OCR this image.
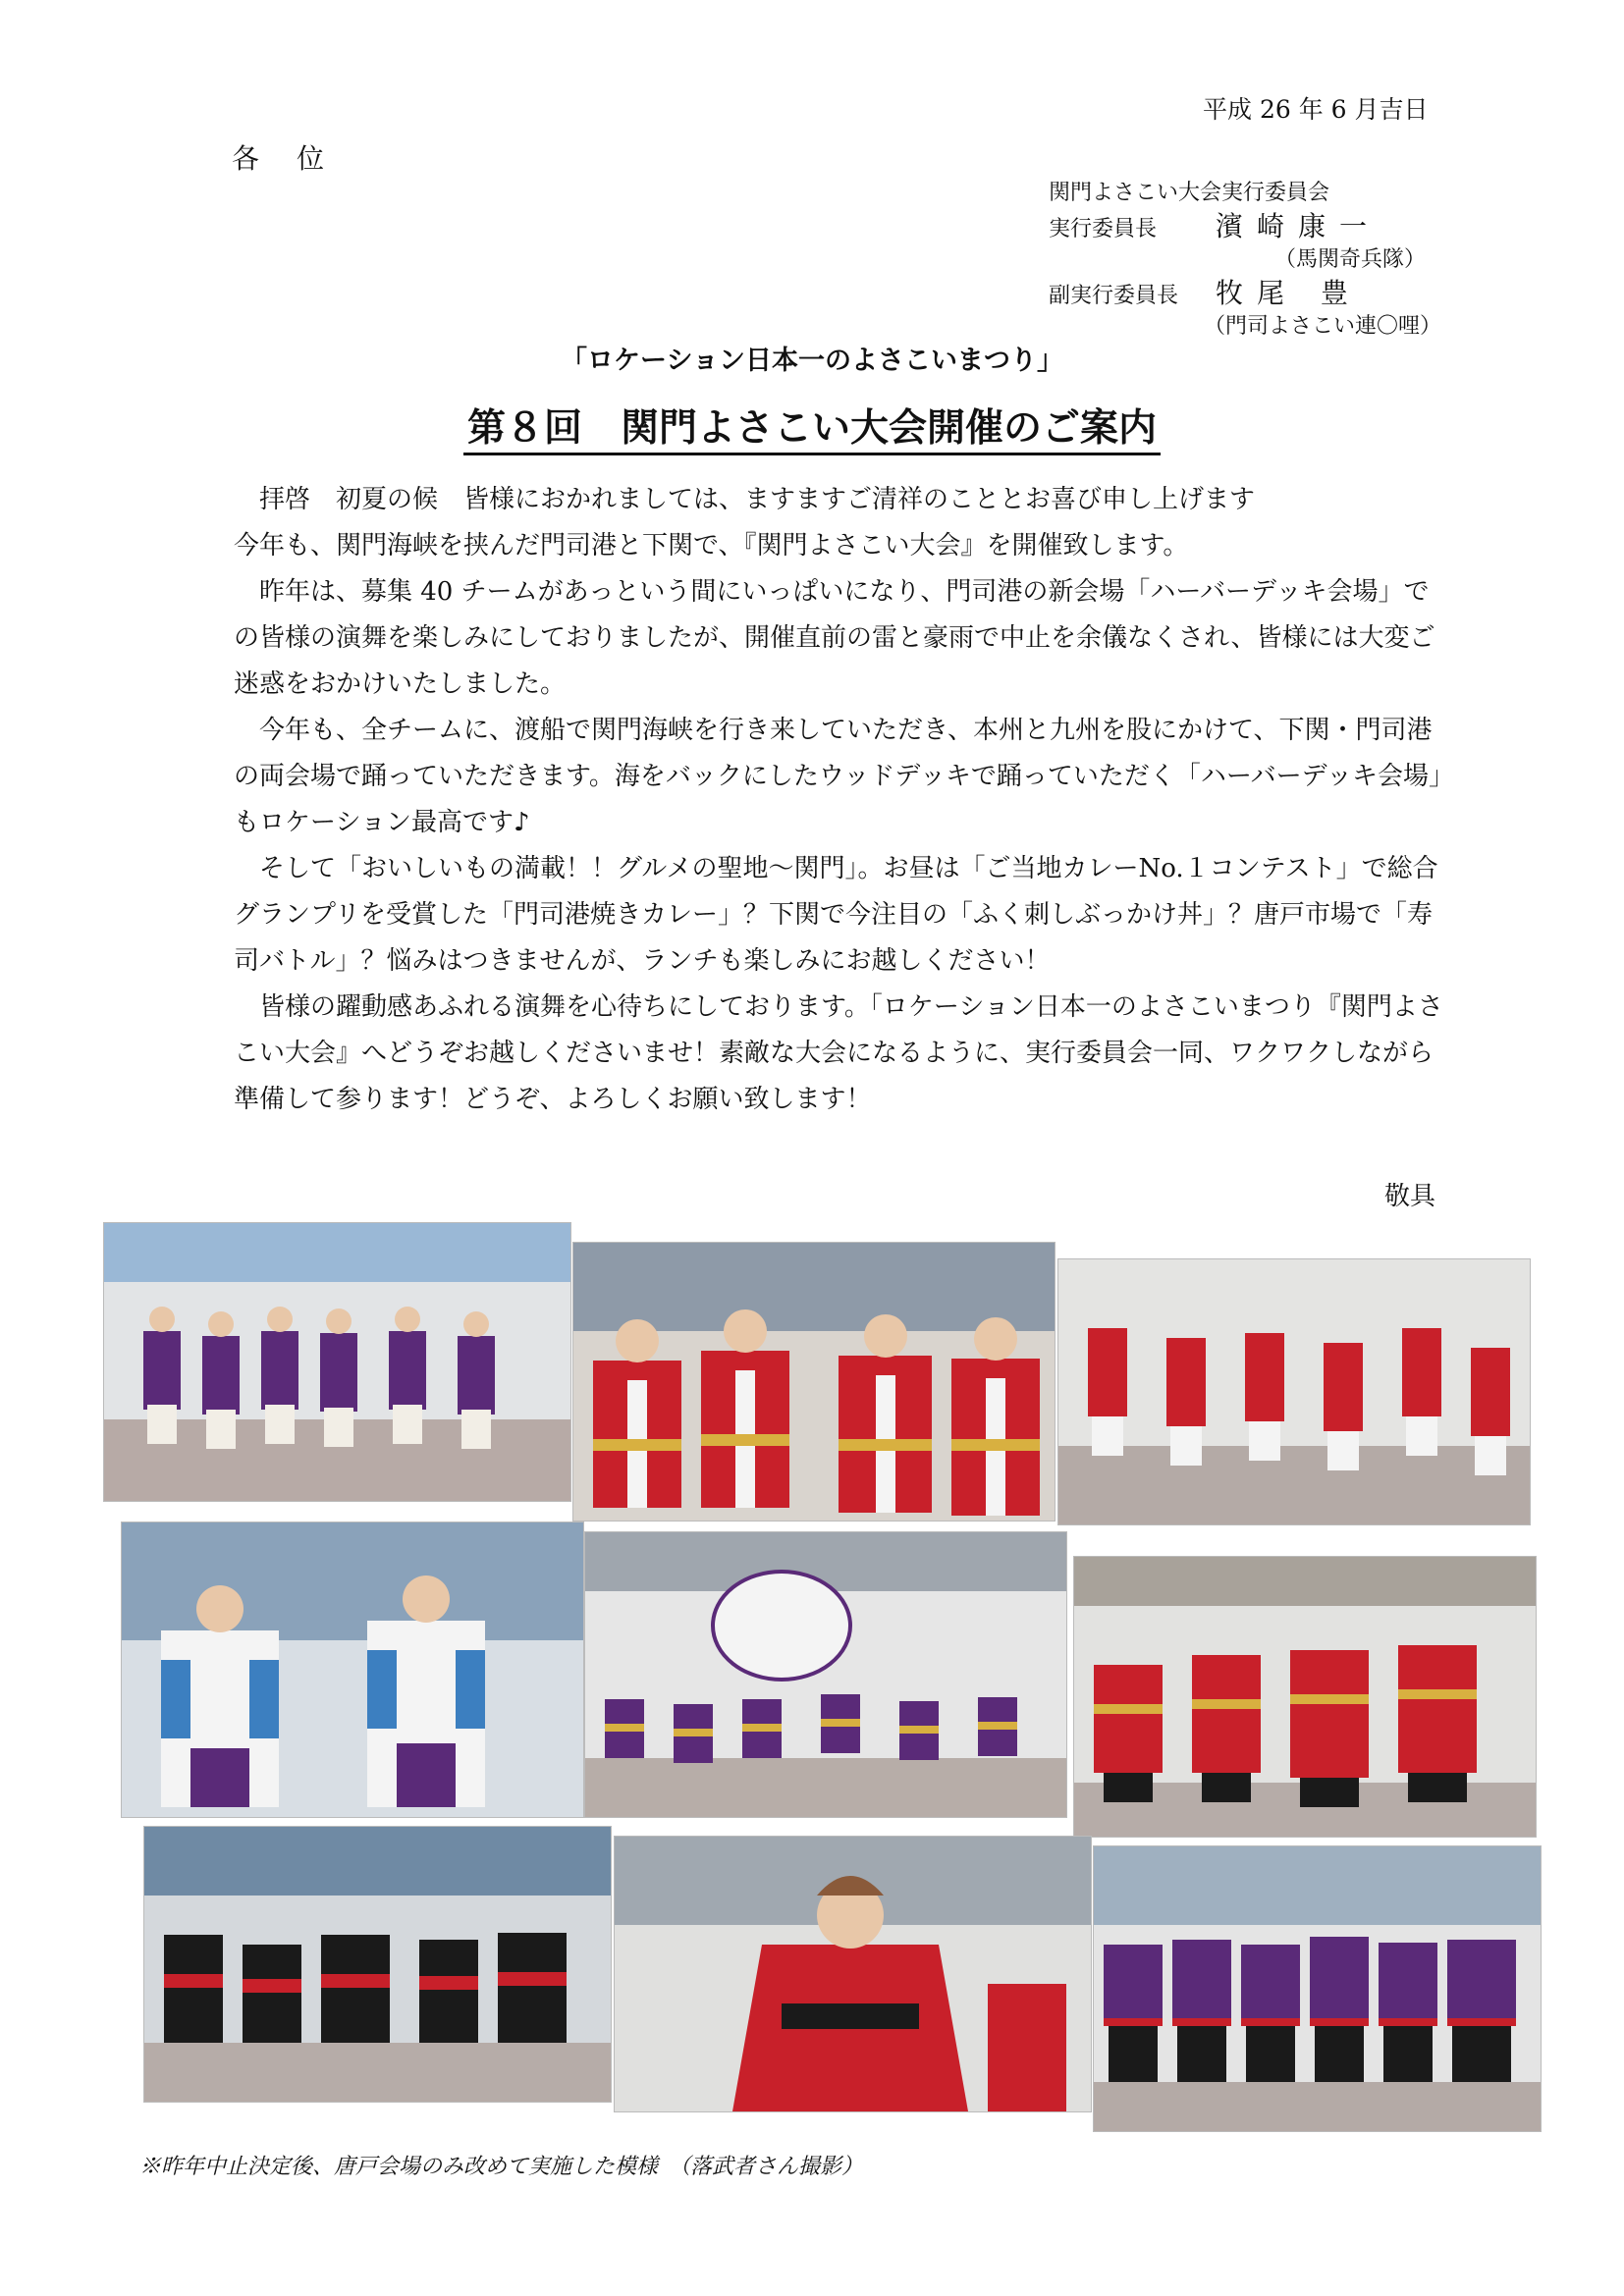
平成 26 年 6 月吉日
各位
関門よさこい大会実行委員会
実行委員長 濱崎康一
（馬関奇兵隊）
副実行委員長 牧尾 豊
（門司よさこい連〇哩）
「ロケーション日本一のよさこいまつり」
第８回　関門よさこい大会開催のご案内

拝啓　初夏の候　皆様におかれましては、ますますご清祥のこととお喜び申し上げます

今年も、関門海峡を挟んだ門司港と下関で、『関門よさこい大会』を開催致します。

昨年は、募集 40 チームがあっという間にいっぱいになり、門司港の新会場「ハーバーデッキ会場」での皆様の演舞を楽しみにしておりましたが、開催直前の雷と豪雨で中止を余儀なくされ、皆様には大変ご迷惑をおかけいたしました。

今年も、全チームに、渡船で関門海峡を行き来していただき、本州と九州を股にかけて、下関・門司港の両会場で踊っていただきます。海をバックにしたウッドデッキで踊っていただく「ハーバーデッキ会場」もロケーション最高です♪

そして「おいしいもの満載！！グルメの聖地～関門」。お昼は「ご当地カレーNo.１コンテスト」で総合グランプリを受賞した「門司港焼きカレー」？下関で今注目の「ふく刺しぶっかけ丼」？唐戸市場で「寿司バトル」？悩みはつきませんが、ランチも楽しみにお越しください！

皆様の躍動感あふれる演舞を心待ちにしております。「ロケーション日本一のよさこいまつり『関門よさこい大会』へどうぞお越しくださいませ！素敵な大会になるように、実行委員会一同、ワクワクしながら準備して参ります！どうぞ、よろしくお願い致します！

敬具
※昨年中止決定後、唐戸会場のみ改めて実施した模様　（落武者さん撮影）
